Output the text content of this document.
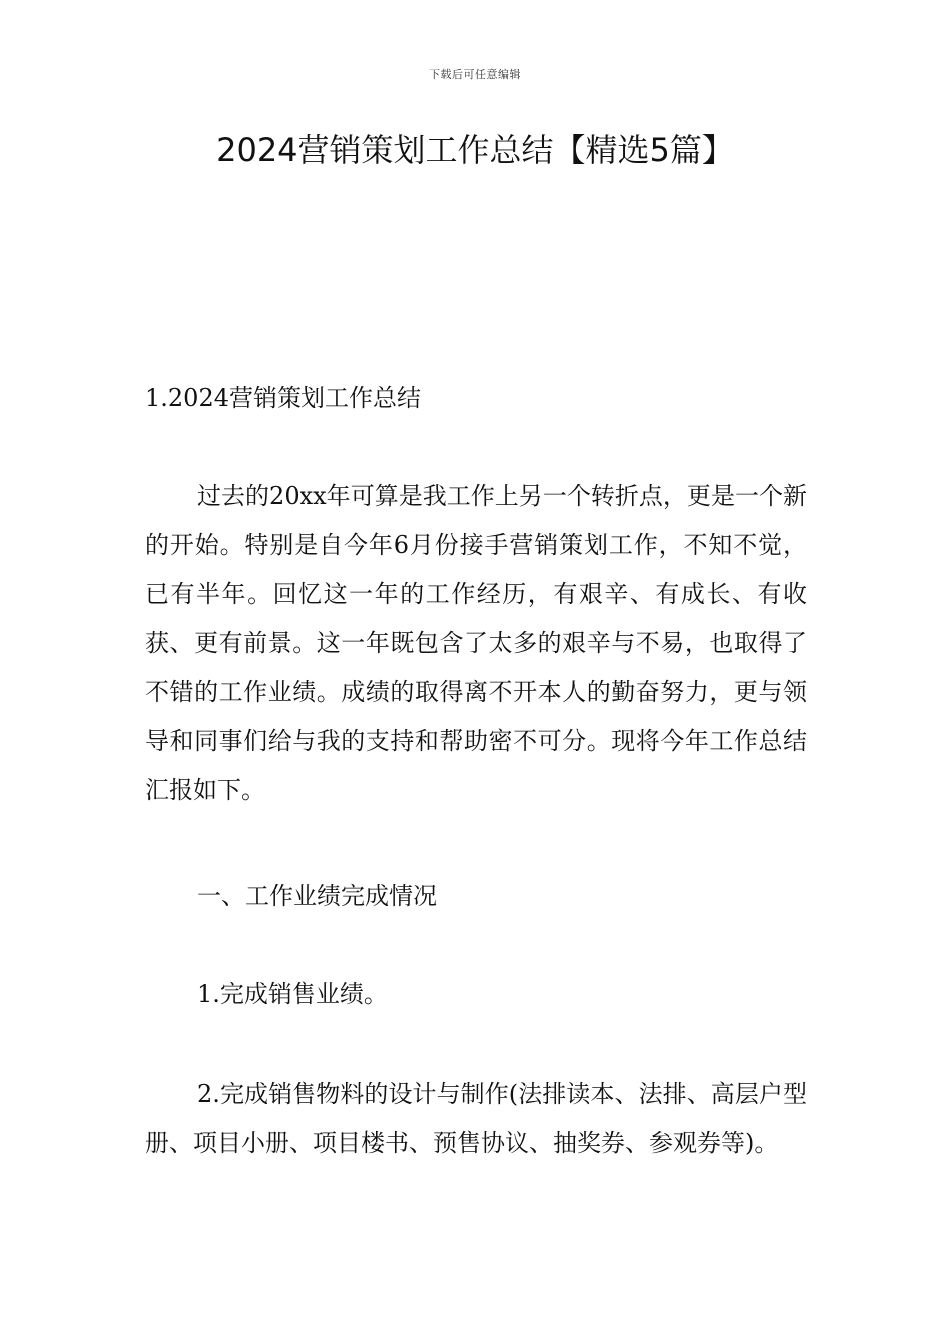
下载后可任意编辑
2024营销策划工作总结【精选5篇】

1.2024营销策划工作总结

过去的20xx年可算是我工作上另一个转折点，更是一个新的开始。特别是自今年6月份接手营销策划工作，不知不觉，已有半年。回忆这一年的工作经历，有艰辛、有成长、有收获、更有前景。这一年既包含了太多的艰辛与不易，也取得了不错的工作业绩。成绩的取得离不开本人的勤奋努力，更与领导和同事们给与我的支持和帮助密不可分。现将今年工作总结汇报如下。

一、工作业绩完成情况

1.完成销售业绩。

2.完成销售物料的设计与制作(法排读本、法排、高层户型册、项目小册、项目楼书、预售协议、抽奖券、参观券等)。
